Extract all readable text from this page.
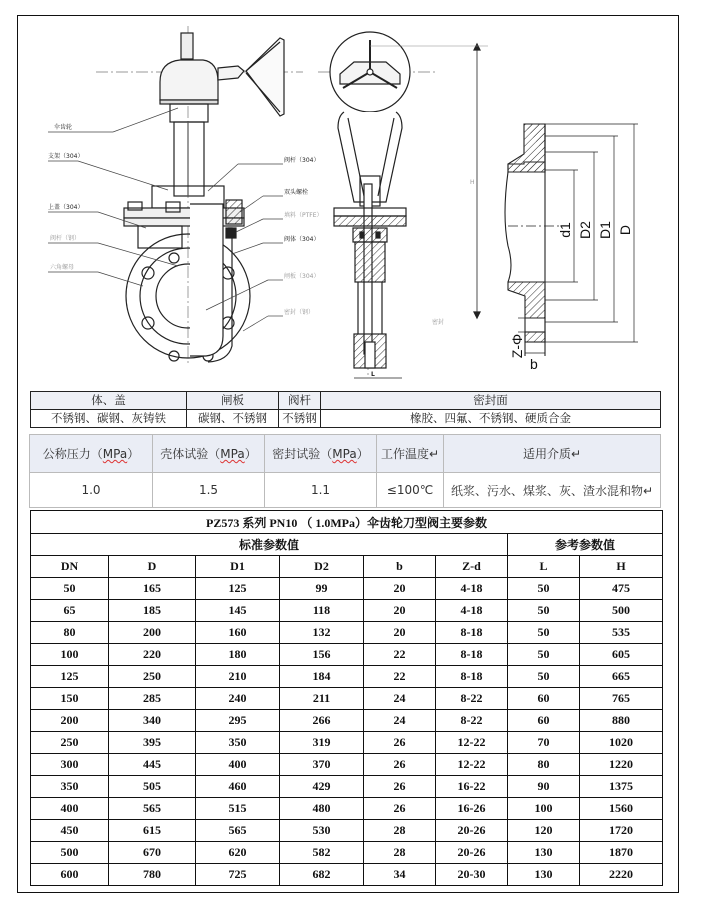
伞齿轮
支架（304）
上盖（304）
阀杆（钢）
六角螺母
阀杆（304）
双头螺栓
填料（PTFE）
阀体（304）
闸板（304）
密封（钢）
密封
L
H
d1 D2 D1 D
b
Z-Φ
体、盖	闸板	阀杆	密封面
不锈钢、碳钢、灰铸铁	碳钢、不锈钢	不锈钢	橡胶、四氟、不锈钢、硬质合金
公称压力（MPa）	壳体试验（MPa）	密封试验（MPa）	工作温度↵	适用介质↵
1.0	1.5	1.1	≤100℃	纸浆、污水、煤浆、灰、渣水混和物↵
PZ573 系列 PN10 （ 1.0MPa）伞齿轮刀型阀主要参数							
标准参数值						参考参数值	
DN	D	D1	D2	b	Z-d	L	H
50	165	125	99	20	4-18	50	475
65	185	145	118	20	4-18	50	500
80	200	160	132	20	8-18	50	535
100	220	180	156	22	8-18	50	605
125	250	210	184	22	8-18	50	665
150	285	240	211	24	8-22	60	765
200	340	295	266	24	8-22	60	880
250	395	350	319	26	12-22	70	1020
300	445	400	370	26	12-22	80	1220
350	505	460	429	26	16-22	90	1375
400	565	515	480	26	16-26	100	1560
450	615	565	530	28	20-26	120	1720
500	670	620	582	28	20-26	130	1870
600	780	725	682	34	20-30	130	2220
